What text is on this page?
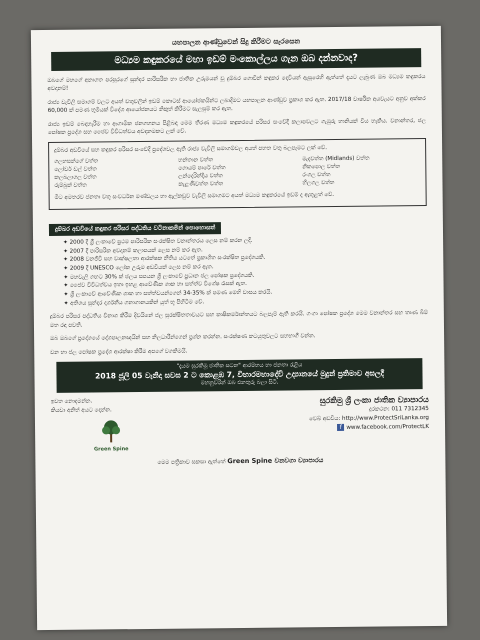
යහපාලන ආණ්ඩුවෙන් සිදු කිරීමට සැරසෙන
මධ්‍යම කඳුකරයේ මහා ඉඩම් මංකොල්ලය ගැන ඔබ දන්නවාද?

ඔබගේ මහගේ අනාගත පරපුරගේ සුන්දර පාරිසරික හා ජාතික උරුමයන් වූ දුම්බර ගොවින් කඳුකර දෙවියන් ඇසුරෙහි ඇත්තේ දැයට ලැබුණ ඔබ මධ්‍යම කඳුකරය අවදානම්!

රාජ්‍ය වැවිලි සමාගම් වලට අයත් වතුවලින් ඉඩම් කොටස් ආයෝජකයින්ට ලබාදීමට යහපාලන ආණ්ඩුව ප්‍රකාශ කර ඇත. 2017/18 වාර්ෂික අයවැයට අනුව අක්කර 60,000 ක් පමණ භූමියක් විදේශ ආයෝජනයට නිකුත් කිරීමට සැලසුම් කර ඇත.

රාජ්‍ය ඉඩම් බෙදාහැරීම හා ආගාමික ජනගහනය පිළිබඳ මෙම තීරණ මධ්‍යම කඳුකරයේ පරිසර සංවේදී කලාපවලට ගැඹුරු හානියක් විය හැකිය. වනාන්තර, ජල පෝෂක ප්‍රදේශ සහ ජෛව විවිධත්වය අවදානමකට ලක් වේ.

දුම්බර අඩවියේ සහ කඳුකර පරිසර සංවේදී ප්‍රදේශවල ඇති රාජ්‍ය වැවිලි සමාගම්වල අයත් පහත වතු බලපෑමට ලක් වේ.

ගලහසන්ගේ වත්ත	හන්තාන වත්ත	මැදවත්ත (Midlands) වත්ත
ලෝවර් ඩල් වත්ත	ගොයම් පාරේ වත්ත	නිකපොල වත්ත
කලබලාගල වත්ත	ලන්දෙරින්දිය වත්ත	රංගල වත්ත
රුම්බුක් වත්ත	කැළණිවත්ත වත්ත	හිලගල වත්ත

මීට අමතරව ජනතා වතු සංවර්ධන මණ්ඩලය හා ඇල්කඩුව වැවිලි සමාගමට අයත් මධ්‍යම කඳුකරයේ ඉඩම් ද ඇතුළත් වේ.

දුම්බර අඩවියේ කඳුකර පරිසර පද්ධතිය වටිනාකමින් පොහොසත්
✦ 2000 දී ශ්‍රී ලංකාවේ ප්‍රථම පාරිසරික සංරක්ෂිත වනාන්තරය ලෙස නම් කරන ලදී.
✦ 2007 දී පාරිසරික අවදානම් කලාපයක් ලෙස නම් කර ඇත.
✦ 2008 වනජීවී සහ වෘක්ෂලතා ආරක්ෂක නීතිය යටතේ ප්‍රකාශිත සංරක්ෂිත ප්‍රදේශයකි.
✦ 2009 දී UNESCO ලෝක උරුම අඩවියක් ලෙස නම් කර ඇත.
✦ මහවැලි ගඟට 30% ක් ජලය සපයන ශ්‍රී ලංකාවේ ප්‍රධාන ජල පෝෂක ප්‍රදේශයකි.
✦ ජෛව විවිධත්වය ඉතා ඉහළ ආවේණික ශාක හා සත්ත්ව විශේෂ රැසක් ඇත.
✦ ශ්‍රී ලංකාවේ ආවේණික ශාක හා සත්ත්වයන්ගෙන් 34-35% ක් පමණ මෙහි වාසය කරයි.
✦ අතිශය සුන්දර දර්ශනීය ගනාගානයකින් යුත් භූ පිහිටීම වේ.

දුම්බර පරිසර පද්ධතිය විනාශ කිරීම දිවයිනේ ජල සුරක්ෂිතතාවයට සහ කෘෂිකර්මාන්තයට බලපෑම් ඇති කරයි. ගංගා පෝෂක ප්‍රදේශ මෙම වනාන්තර සහ තෘණ බිම් මත රඳා පවතී.

ඔබ ඔබගේ ප්‍රදේශයේ දේශපාලනඥයින් සහ නිලධාරීන්ගෙන් ප්‍රශ්න කරන්න. සංරක්ෂණ කටයුතුවලට සහභාගී වන්න.

වන හා ජල පෝෂක ප්‍රදේශ ආරක්ෂා කිරීම අපගේ වගකීමයි.

"දැයම සුරකිමු ජාතික සටන" ආරම්භය හා ජනතා රැළිය
2018 ජූලි 05 වැනිදා සවස 2 ට කොළඹ 7, විහාරමහාදේවි උද්‍යානයේ මුදුන් ප්‍රතිමාව අසලදී
මහනුවරින් ඔබ එනතුරු බලා සිටී.
ඉවත නොදමන්න.
කියවා අනිත් අයට දෙන්න.
Green Spine
සුරකිමු ශ්‍රී ලංකා ජාතික ව්‍යාපාරය
දුරකථන: 011 7312345
වෙබ් අඩවිය: http://www.ProtectSriLanka.org
f www.facebook.com/ProtectLK
මෙම පත්‍රිකාව සකසා ඇත්තේ Green Spine වනවගා ව්‍යාපාරය
